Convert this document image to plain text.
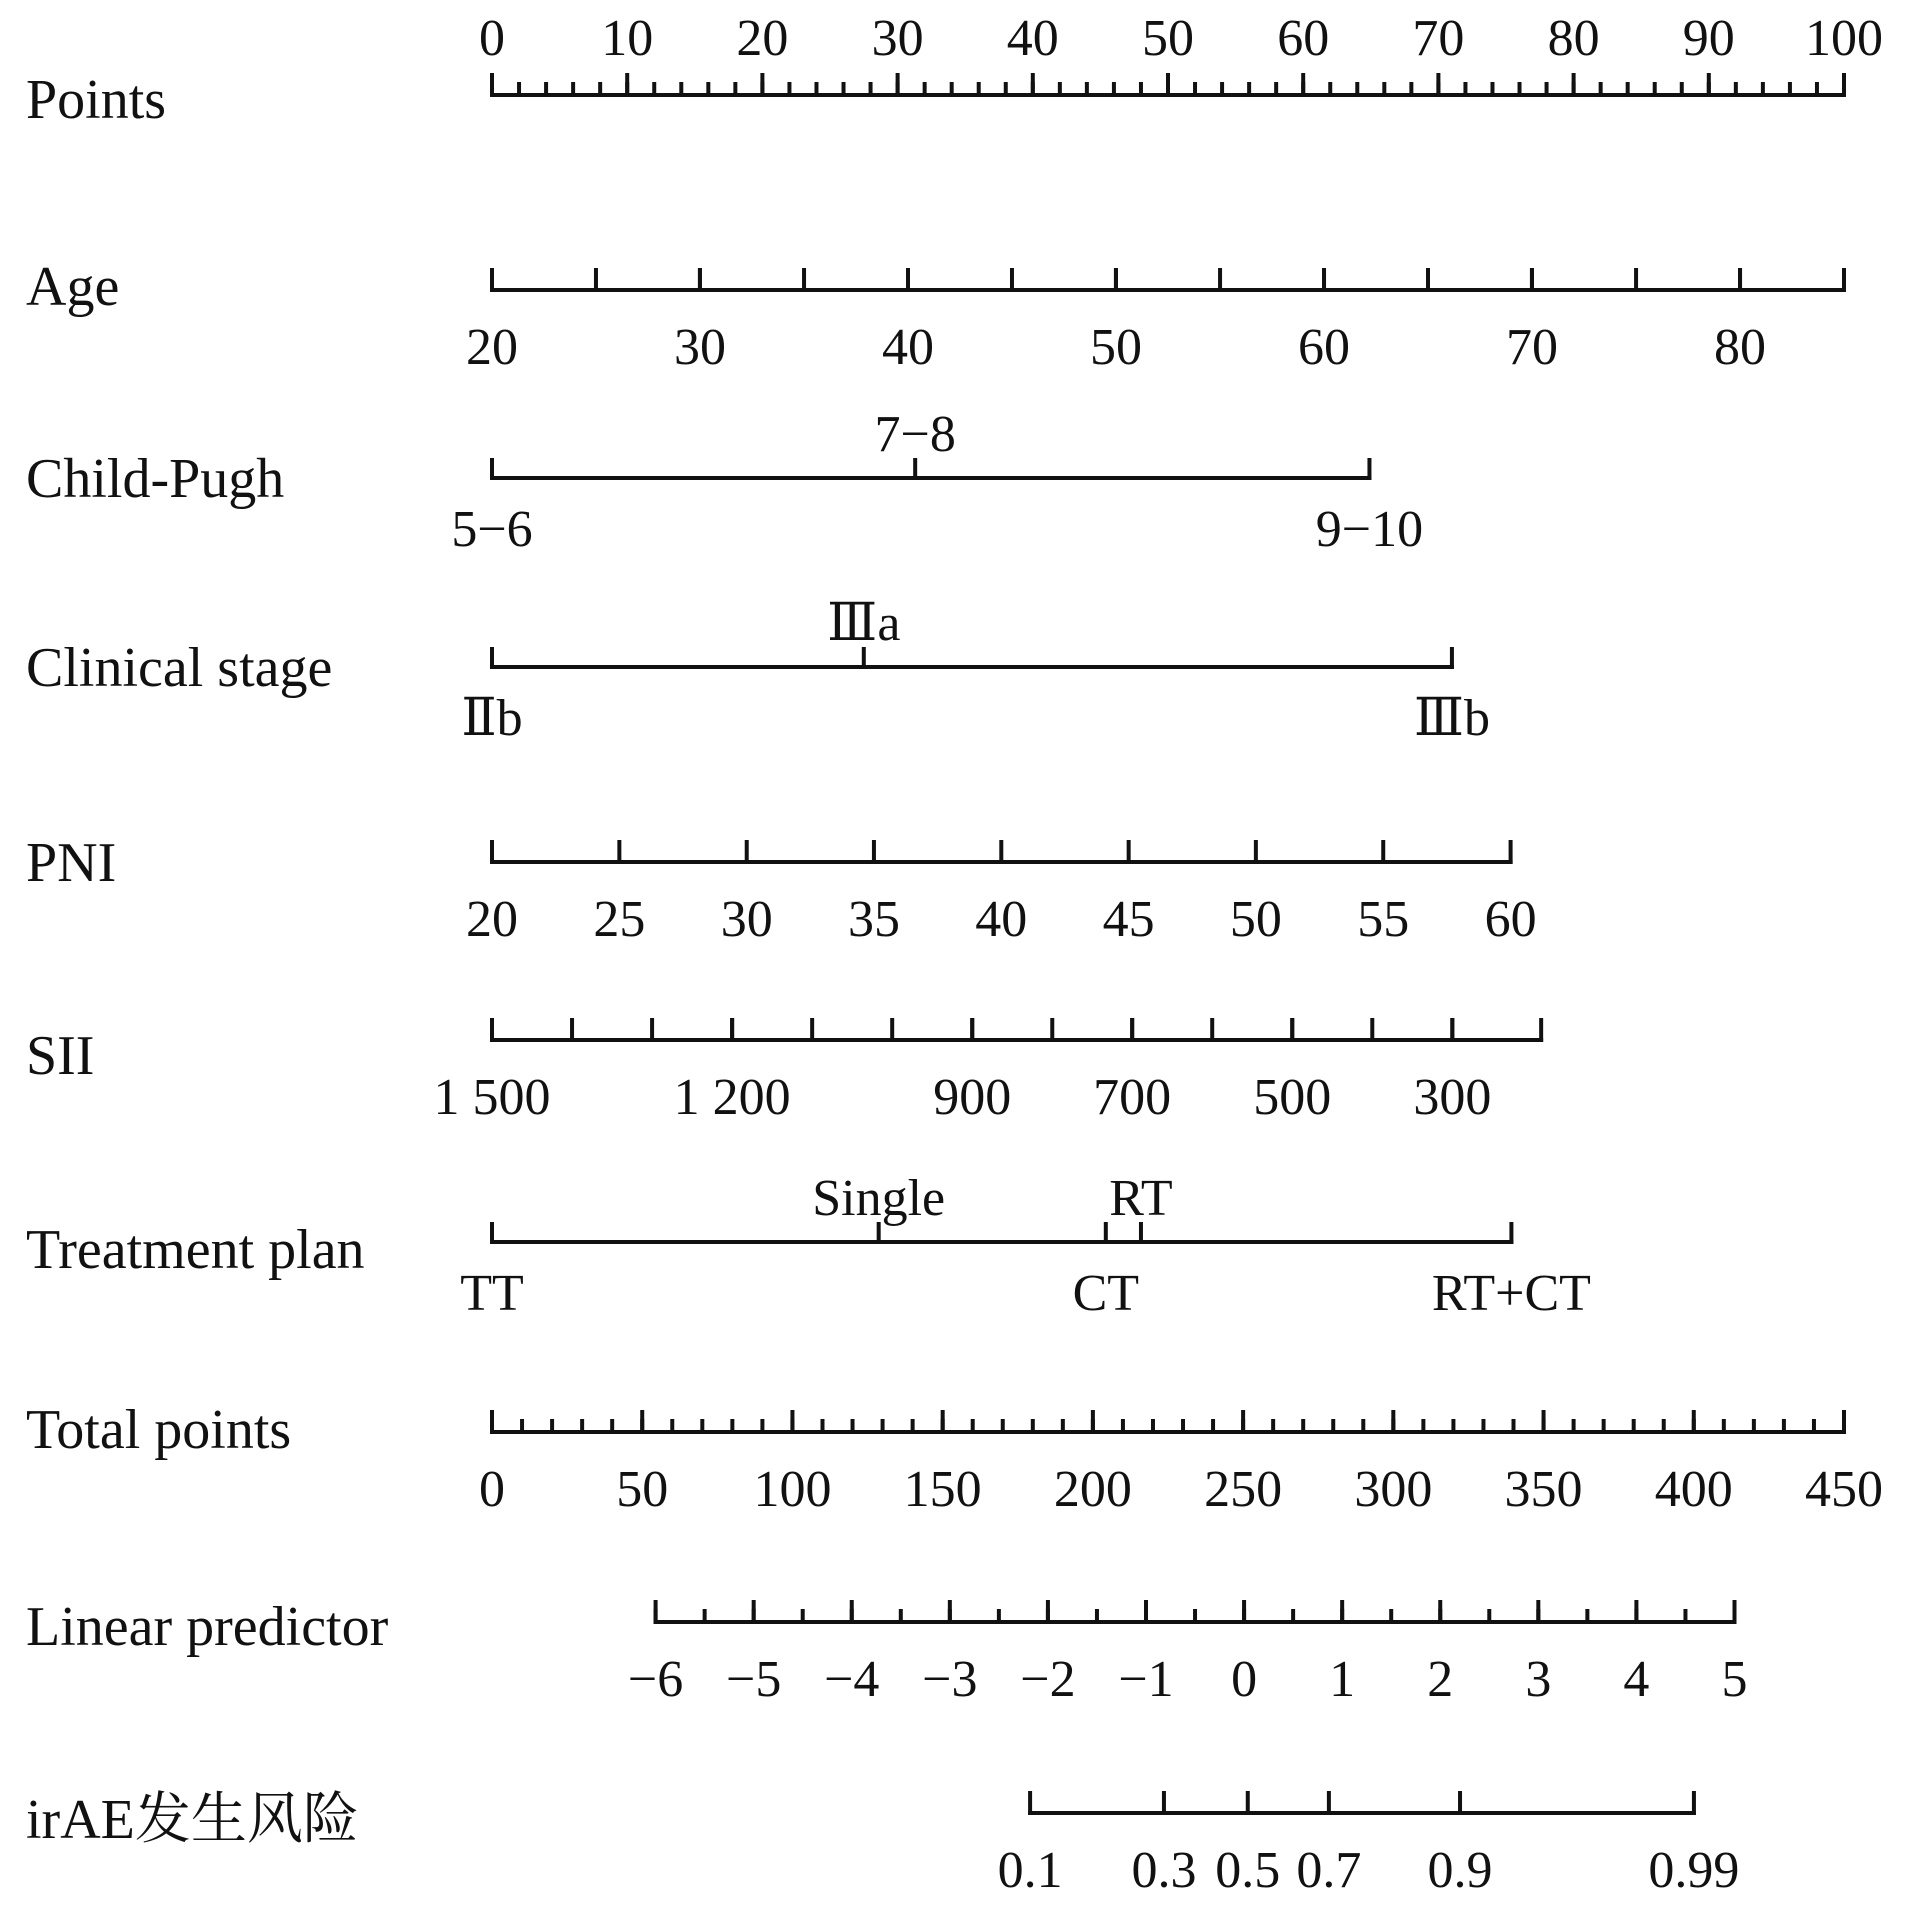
Points
0 10 20 30 40 50 60 70 80 90 100
Age
20	30	40	50	60	70	80
Child-Pugh
5−6
7−8
9−10
Clinical stage
Ⅱb
Ⅲa
Ⅲb
PNI
20 25 30 35 40 45 50 55 60
SII
1 500 1 200	900 700 500 300
Treatment plan
TT
Single
CT
RT
RT+CT
Total points
0 50 100 150 200 250 300 350 400 450
Linear predictor
−6 −5 −4 −3 −2 −1 0 1 2 3 4 5
irAE发生风险
0.1 0.3 0.5 0.7 0.9	0.99
